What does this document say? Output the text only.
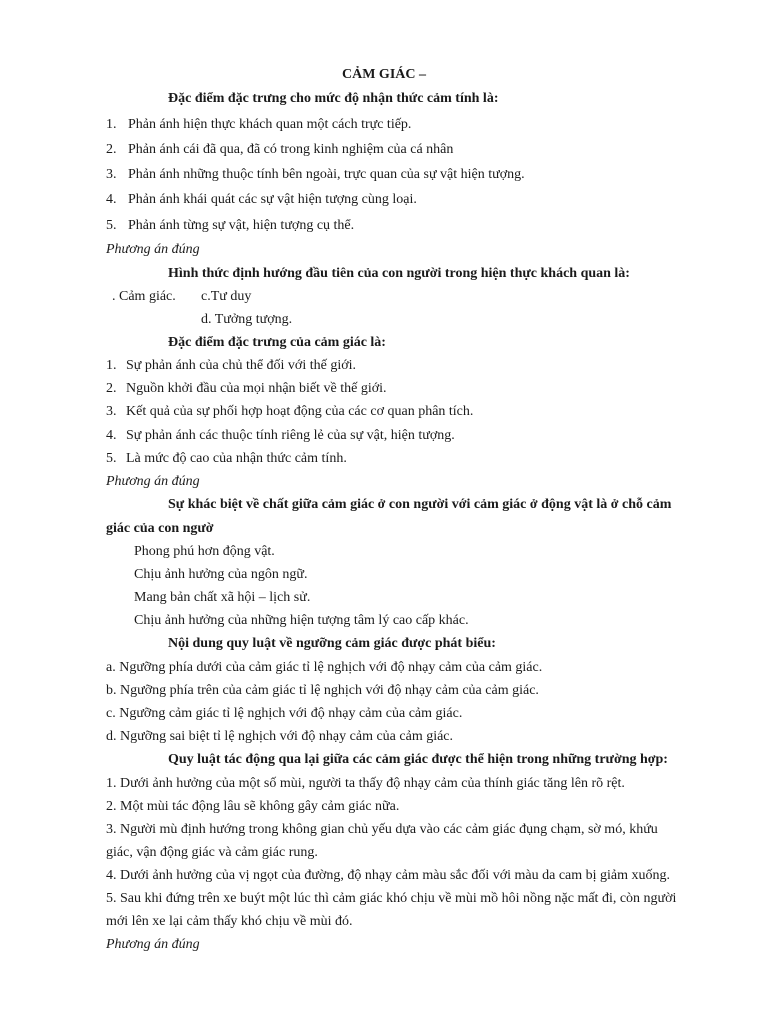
CẢM GIÁC –
Đặc điểm đặc trưng cho mức độ nhận thức cảm tính là:
1. Phản ánh hiện thực khách quan một cách trực tiếp.
2. Phản ánh cái đã qua, đã có trong kinh nghiệm của cá nhân
3. Phản ánh những thuộc tính bên ngoài, trực quan của sự vật hiện tượng.
4. Phản ánh khái quát các sự vật hiện tượng cùng loại.
5. Phản ánh từng sự vật, hiện tượng cụ thể.
Phương án đúng
Hình thức định hướng đầu tiên của con người trong hiện thực khách quan là:
. Cảm giác. c.Tư duy
d. Tưởng tượng.
Đặc điểm đặc trưng của cảm giác là:
1. Sự phản ánh của chủ thể đối với thế giới.
2. Nguồn khởi đầu của mọi nhận biết về thế giới.
3. Kết quả của sự phối hợp hoạt động của các cơ quan phân tích.
4. Sự phản ánh các thuộc tính riêng lẻ của sự vật, hiện tượng.
5. Là mức độ cao của nhận thức cảm tính.
Phương án đúng
Sự khác biệt về chất giữa cảm giác ở con người với cảm giác ở động vật là ở chỗ cảm
giác của con ngườ
Phong phú hơn động vật.
Chịu ảnh hưởng của ngôn ngữ.
Mang bản chất xã hội – lịch sử.
Chịu ảnh hưởng của những hiện tượng tâm lý cao cấp khác.
Nội dung quy luật về ngưỡng cảm giác được phát biểu:
a. Ngưỡng phía dưới của cảm giác tỉ lệ nghịch với độ nhạy cảm của cảm giác.
b. Ngưỡng phía trên của cảm giác tỉ lệ nghịch với độ nhạy cảm của cảm giác.
c. Ngưỡng cảm giác tỉ lệ nghịch với độ nhạy cảm của cảm giác.
d. Ngưỡng sai biệt tỉ lệ nghịch với độ nhạy cảm của cảm giác.
Quy luật tác động qua lại giữa các cảm giác được thể hiện trong những trường hợp:
1. Dưới ảnh hưởng của một số mùi, người ta thấy độ nhạy cảm của thính giác tăng lên rõ rệt.
2. Một mùi tác động lâu sẽ không gây cảm giác nữa.
3. Người mù định hướng trong không gian chủ yếu dựa vào các cảm giác đụng chạm, sờ mó, khứu
giác, vận động giác và cảm giác rung.
4. Dưới ảnh hưởng của vị ngọt của đường, độ nhạy cảm màu sắc đối với màu da cam bị giảm xuống.
5. Sau khi đứng trên xe buýt một lúc thì cảm giác khó chịu về mùi mồ hôi nồng nặc mất đi, còn người
mới lên xe lại cảm thấy khó chịu về mùi đó.
Phương án đúng
